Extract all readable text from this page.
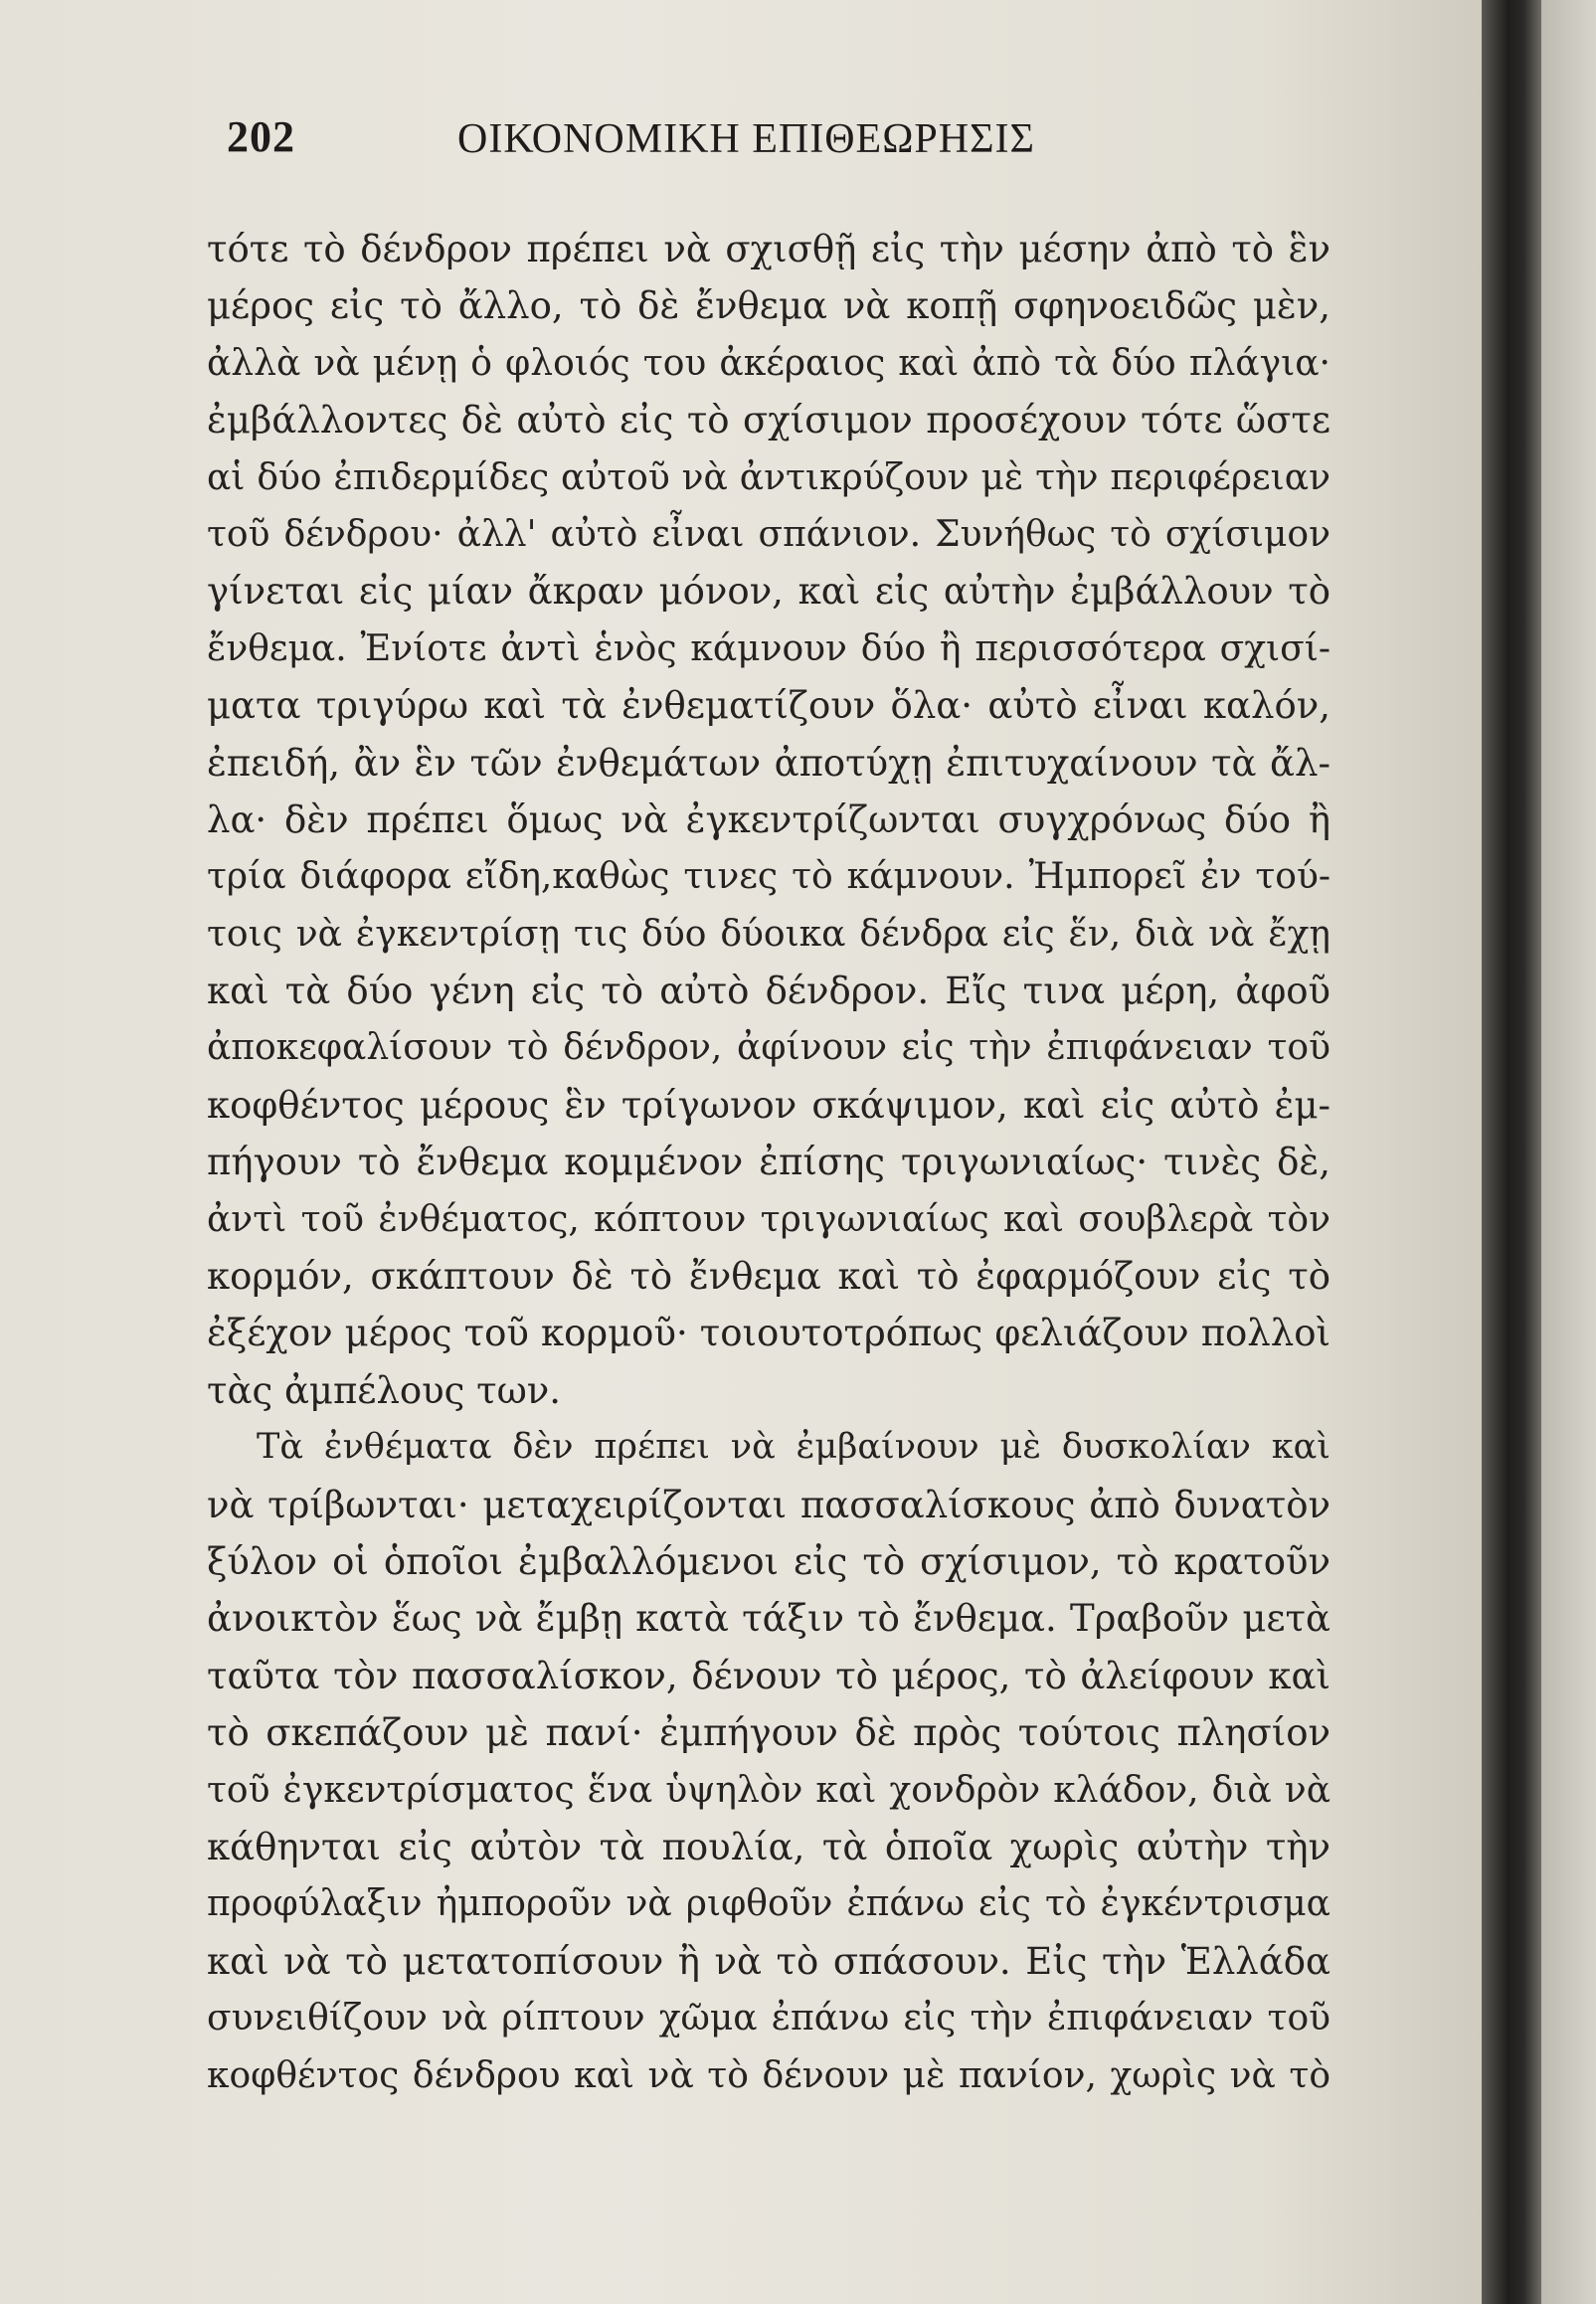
202	ΟΙΚΟΝΟΜΙΚΗ ΕΠΙΘΕΩΡΗΣΙΣ
τότε τὸ δένδρον πρέπει νὰ σχισθῇ εἰς τὴν μέσην ἀπὸ τὸ ἓν
μέρος εἰς τὸ ἄλλο, τὸ δὲ ἔνθεμα νὰ κοπῇ σφηνοειδῶς μὲν,
ἀλλὰ νὰ μένῃ ὁ φλοιός του ἀκέραιος καὶ ἀπὸ τὰ δύο πλάγια·
ἐμβάλλοντες δὲ αὐτὸ εἰς τὸ σχίσιμον προσέχουν τότε ὥστε
αἱ δύο ἐπιδερμίδες αὐτοῦ νὰ ἀντικρύζουν μὲ τὴν περιφέρειαν
τοῦ δένδρου· ἀλλ' αὐτὸ εἶναι σπάνιον. Συνήθως τὸ σχίσιμον
γίνεται εἰς μίαν ἄκραν μόνον, καὶ εἰς αὐτὴν ἐμβάλλουν τὸ
ἔνθεμα. Ἐνίοτε ἀντὶ ἑνὸς κάμνουν δύο ἢ περισσότερα σχισί-
ματα τριγύρω καὶ τὰ ἐνθεματίζουν ὅλα· αὐτὸ εἶναι καλόν,
ἐπειδή, ἂν ἓν τῶν ἐνθεμάτων ἀποτύχῃ ἐπιτυχαίνουν τὰ ἄλ-
λα· δὲν πρέπει ὅμως νὰ ἐγκεντρίζωνται συγχρόνως δύο ἢ
τρία διάφορα εἴδη,καθὼς τινες τὸ κάμνουν. Ἠμπορεῖ ἐν τού-
τοις νὰ ἐγκεντρίσῃ τις δύο δύοικα δένδρα εἰς ἕν, διὰ νὰ ἔχῃ
καὶ τὰ δύο γένη εἰς τὸ αὐτὸ δένδρον. Εἴς τινα μέρη, ἀφοῦ
ἀποκεφαλίσουν τὸ δένδρον, ἀφίνουν εἰς τὴν ἐπιφάνειαν τοῦ
κοφθέντος μέρους ἓν τρίγωνον σκάψιμον, καὶ εἰς αὐτὸ ἐμ-
πήγουν τὸ ἔνθεμα κομμένον ἐπίσης τριγωνιαίως· τινὲς δὲ,
ἀντὶ τοῦ ἐνθέματος, κόπτουν τριγωνιαίως καὶ σουβλερὰ τὸν
κορμόν, σκάπτουν δὲ τὸ ἔνθεμα καὶ τὸ ἐφαρμόζουν εἰς τὸ
ἐξέχον μέρος τοῦ κορμοῦ· τοιουτοτρόπως φελιάζουν πολλοὶ
τὰς ἀμπέλους των.
Τὰ ἐνθέματα δὲν πρέπει νὰ ἐμβαίνουν μὲ δυσκολίαν καὶ
νὰ τρίβωνται· μεταχειρίζονται πασσαλίσκους ἀπὸ δυνατὸν
ξύλον οἱ ὁποῖοι ἐμβαλλόμενοι εἰς τὸ σχίσιμον, τὸ κρατοῦν
ἀνοικτὸν ἕως νὰ ἔμβῃ κατὰ τάξιν τὸ ἔνθεμα. Τραβοῦν μετὰ
ταῦτα τὸν πασσαλίσκον, δένουν τὸ μέρος, τὸ ἀλείφουν καὶ
τὸ σκεπάζουν μὲ πανί· ἐμπήγουν δὲ πρὸς τούτοις πλησίον
τοῦ ἐγκεντρίσματος ἕνα ὑψηλὸν καὶ χονδρὸν κλάδον, διὰ νὰ
κάθηνται εἰς αὐτὸν τὰ πουλία, τὰ ὁποῖα χωρὶς αὐτὴν τὴν
προφύλαξιν ἠμποροῦν νὰ ριφθοῦν ἐπάνω εἰς τὸ ἐγκέντρισμα
καὶ νὰ τὸ μετατοπίσουν ἢ νὰ τὸ σπάσουν. Εἰς τὴν Ἑλλάδα
συνειθίζουν νὰ ρίπτουν χῶμα ἐπάνω εἰς τὴν ἐπιφάνειαν τοῦ
κοφθέντος δένδρου καὶ νὰ τὸ δένουν μὲ πανίον, χωρὶς νὰ τὸ
